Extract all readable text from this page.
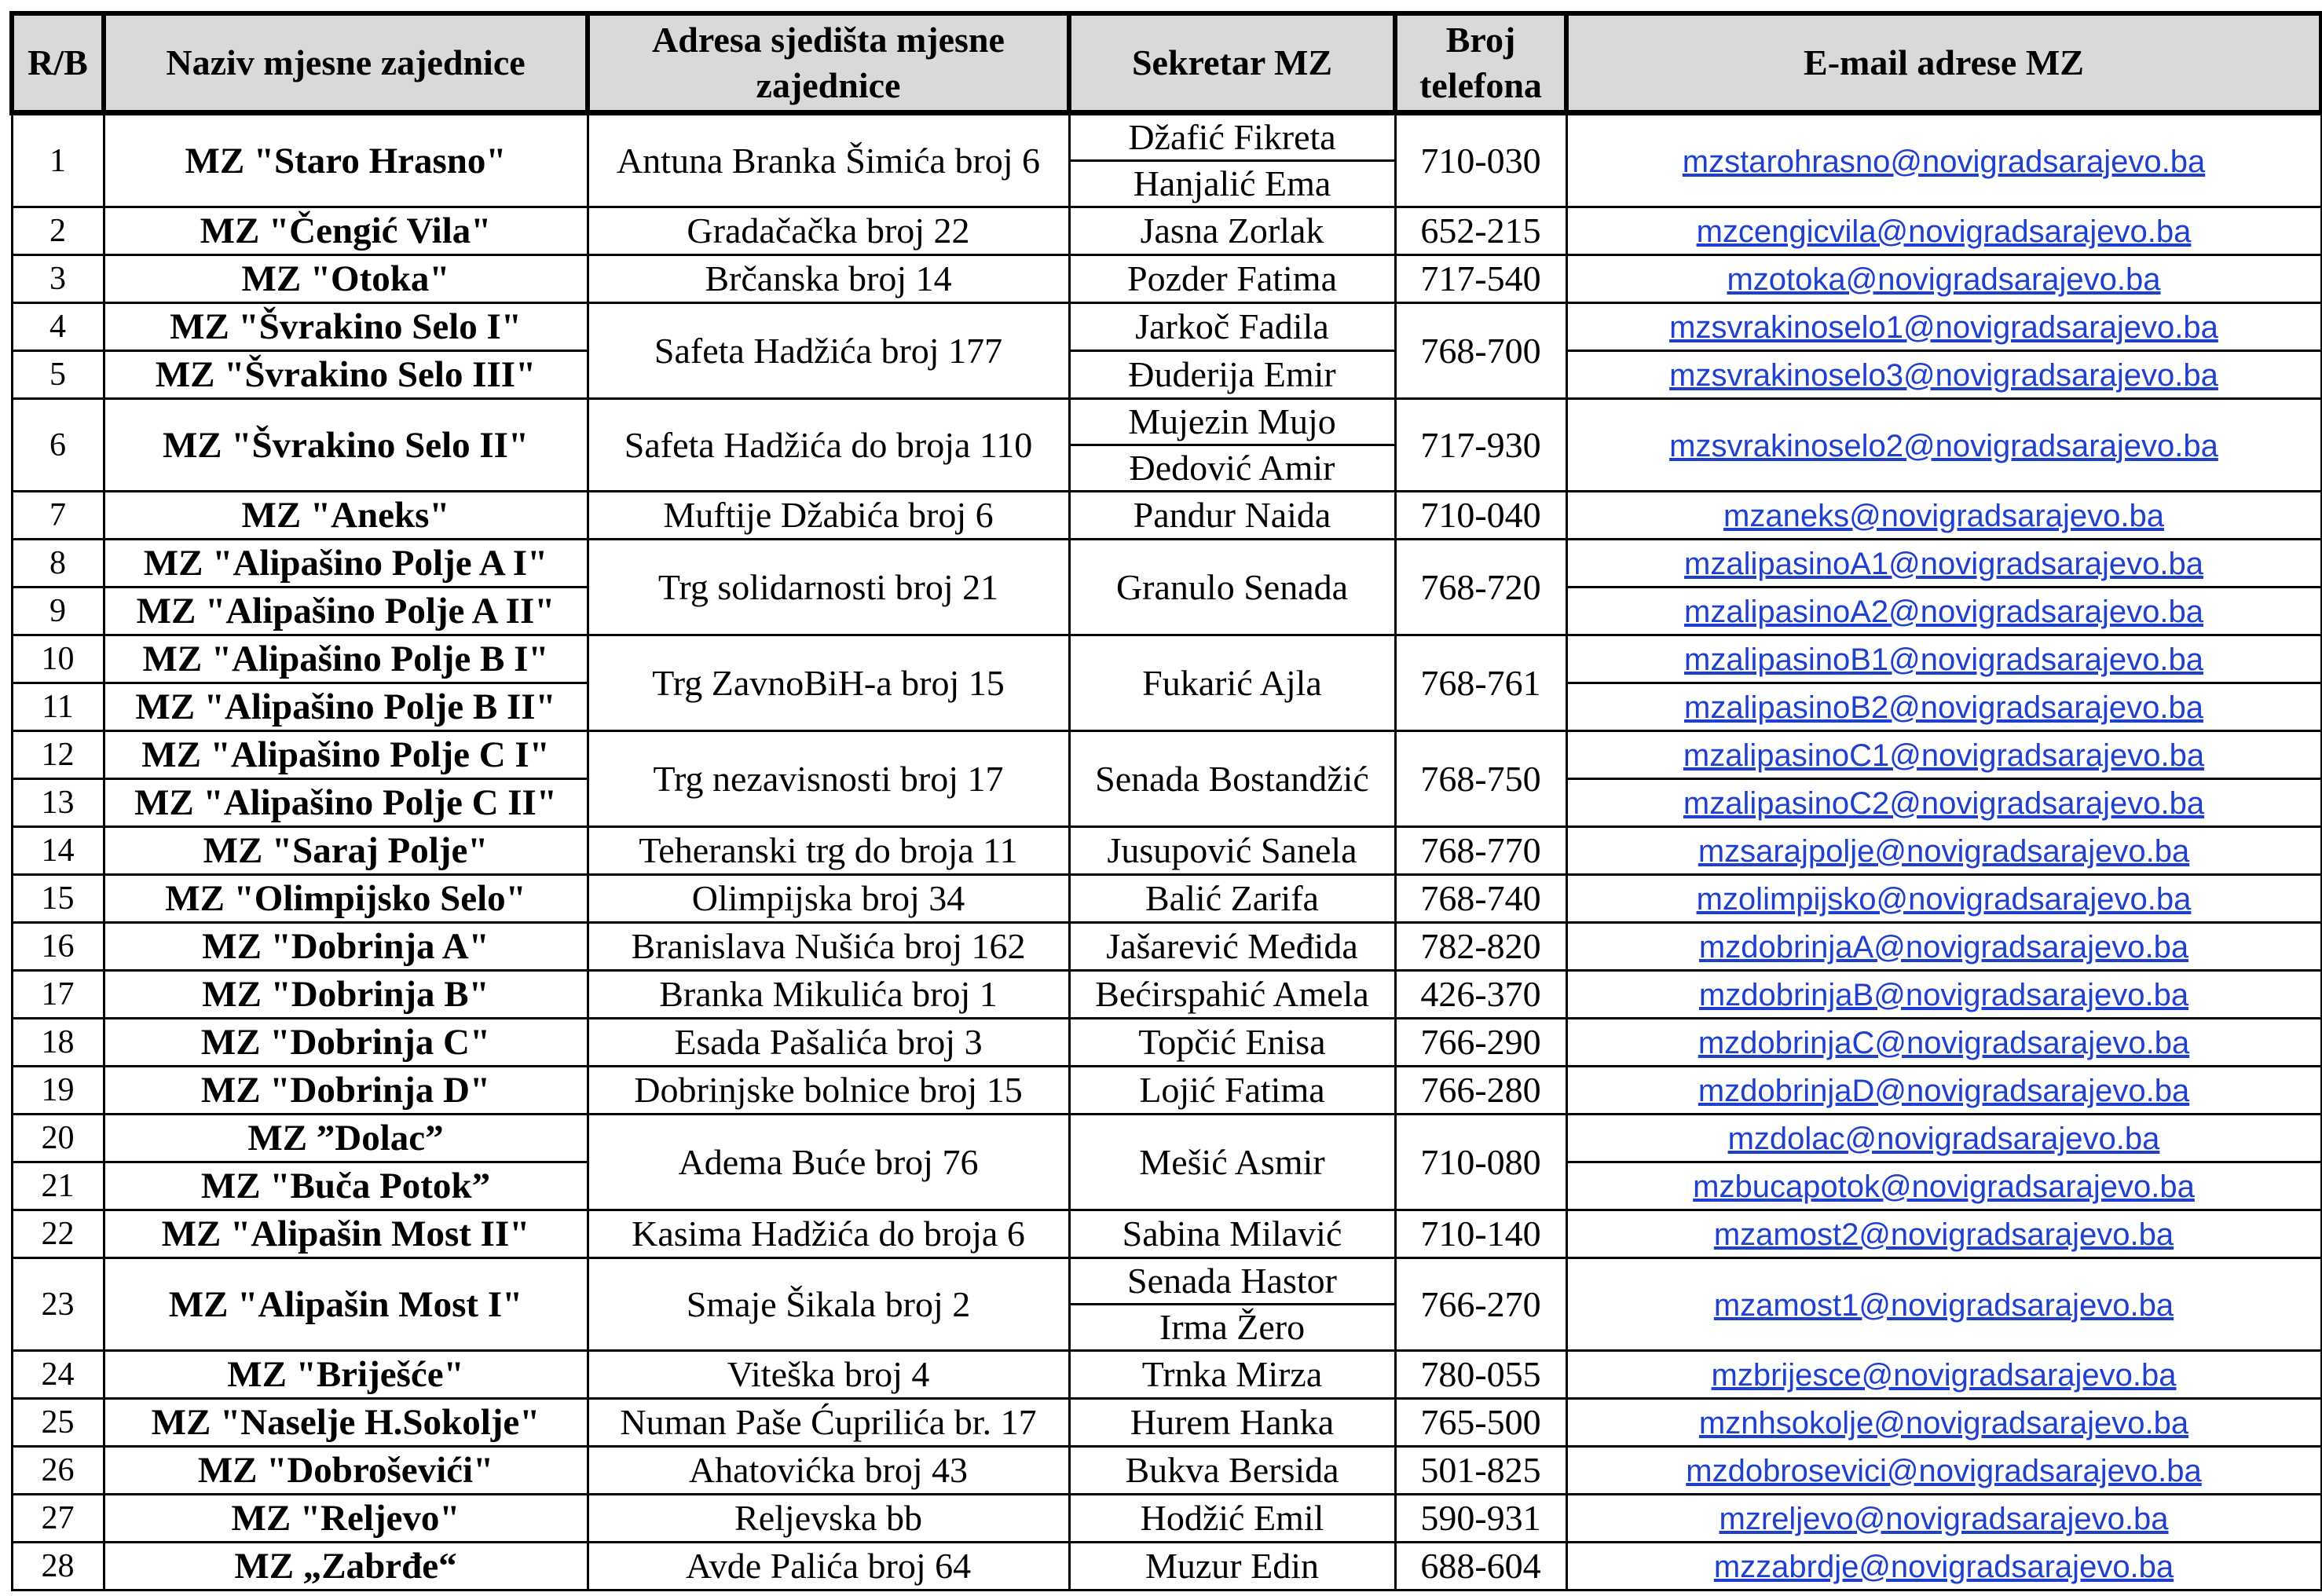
R/B	Naziv mjesne zajednice	Adresa sjedišta mjesne zajednice	Sekretar MZ	Broj telefona	E-mail adrese MZ
1	MZ "Staro Hrasno"	Antuna Branka Šimića broj 6	Džafić Fikreta	710-030	mzstarohrasno@novigradsarajevo.ba
			Hanjalić Ema		
2	MZ "Čengić Vila"	Gradačačka broj 22	Jasna Zorlak	652-215	mzcengicvila@novigradsarajevo.ba
3	MZ "Otoka"	Brčanska broj 14	Pozder Fatima	717-540	mzotoka@novigradsarajevo.ba
4	MZ "Švrakino Selo I"	Safeta Hadžića broj 177	Jarkoč Fadila	768-700	mzsvrakinoselo1@novigradsarajevo.ba
5	MZ "Švrakino Selo III"		Đuderija Emir		mzsvrakinoselo3@novigradsarajevo.ba
6	MZ "Švrakino Selo II"	Safeta Hadžića do broja 110	Mujezin Mujo	717-930	mzsvrakinoselo2@novigradsarajevo.ba
			Đedović Amir		
7	MZ "Aneks"	Muftije Džabića broj 6	Pandur Naida	710-040	mzaneks@novigradsarajevo.ba
8	MZ "Alipašino Polje A I"	Trg solidarnosti broj 21	Granulo Senada	768-720	mzalipasinoA1@novigradsarajevo.ba
9	MZ "Alipašino Polje A II"				mzalipasinoA2@novigradsarajevo.ba
10	MZ "Alipašino Polje B I"	Trg ZavnoBiH-a broj 15	Fukarić Ajla	768-761	mzalipasinoB1@novigradsarajevo.ba
11	MZ "Alipašino Polje B II"				mzalipasinoB2@novigradsarajevo.ba
12	MZ "Alipašino Polje C I"	Trg nezavisnosti broj 17	Senada Bostandžić	768-750	mzalipasinoC1@novigradsarajevo.ba
13	MZ "Alipašino Polje C II"				mzalipasinoC2@novigradsarajevo.ba
14	MZ "Saraj Polje"	Teheranski trg do broja 11	Jusupović Sanela	768-770	mzsarajpolje@novigradsarajevo.ba
15	MZ "Olimpijsko Selo"	Olimpijska broj 34	Balić Zarifa	768-740	mzolimpijsko@novigradsarajevo.ba
16	MZ "Dobrinja A"	Branislava Nušića broj 162	Jašarević Međida	782-820	mzdobrinjaA@novigradsarajevo.ba
17	MZ "Dobrinja B"	Branka Mikulića broj 1	Bećirspahić Amela	426-370	mzdobrinjaB@novigradsarajevo.ba
18	MZ "Dobrinja C"	Esada Pašalića broj 3	Topčić Enisa	766-290	mzdobrinjaC@novigradsarajevo.ba
19	MZ "Dobrinja D"	Dobrinjske bolnice broj 15	Lojić Fatima	766-280	mzdobrinjaD@novigradsarajevo.ba
20	MZ ”Dolac”	Adema Buće broj 76	Mešić Asmir	710-080	mzdolac@novigradsarajevo.ba
21	MZ "Buča Potok”				mzbucapotok@novigradsarajevo.ba
22	MZ "Alipašin Most II"	Kasima Hadžića do broja 6	Sabina Milavić	710-140	mzamost2@novigradsarajevo.ba
23	MZ "Alipašin Most I"	Smaje Šikala broj 2	Senada Hastor	766-270	mzamost1@novigradsarajevo.ba
			Irma Žero		
24	MZ "Briješće"	Viteška broj 4	Trnka Mirza	780-055	mzbrijesce@novigradsarajevo.ba
25	MZ "Naselje H.Sokolje"	Numan Paše Ćuprilića br. 17	Hurem Hanka	765-500	mznhsokolje@novigradsarajevo.ba
26	MZ "Dobroševići"	Ahatovićka broj 43	Bukva Bersida	501-825	mzdobrosevici@novigradsarajevo.ba
27	MZ "Reljevo"	Reljevska bb	Hodžić Emil	590-931	mzreljevo@novigradsarajevo.ba
28	MZ „Zabrđe“	Avde Palića broj 64	Muzur Edin	688-604	mzzabrdje@novigradsarajevo.ba
